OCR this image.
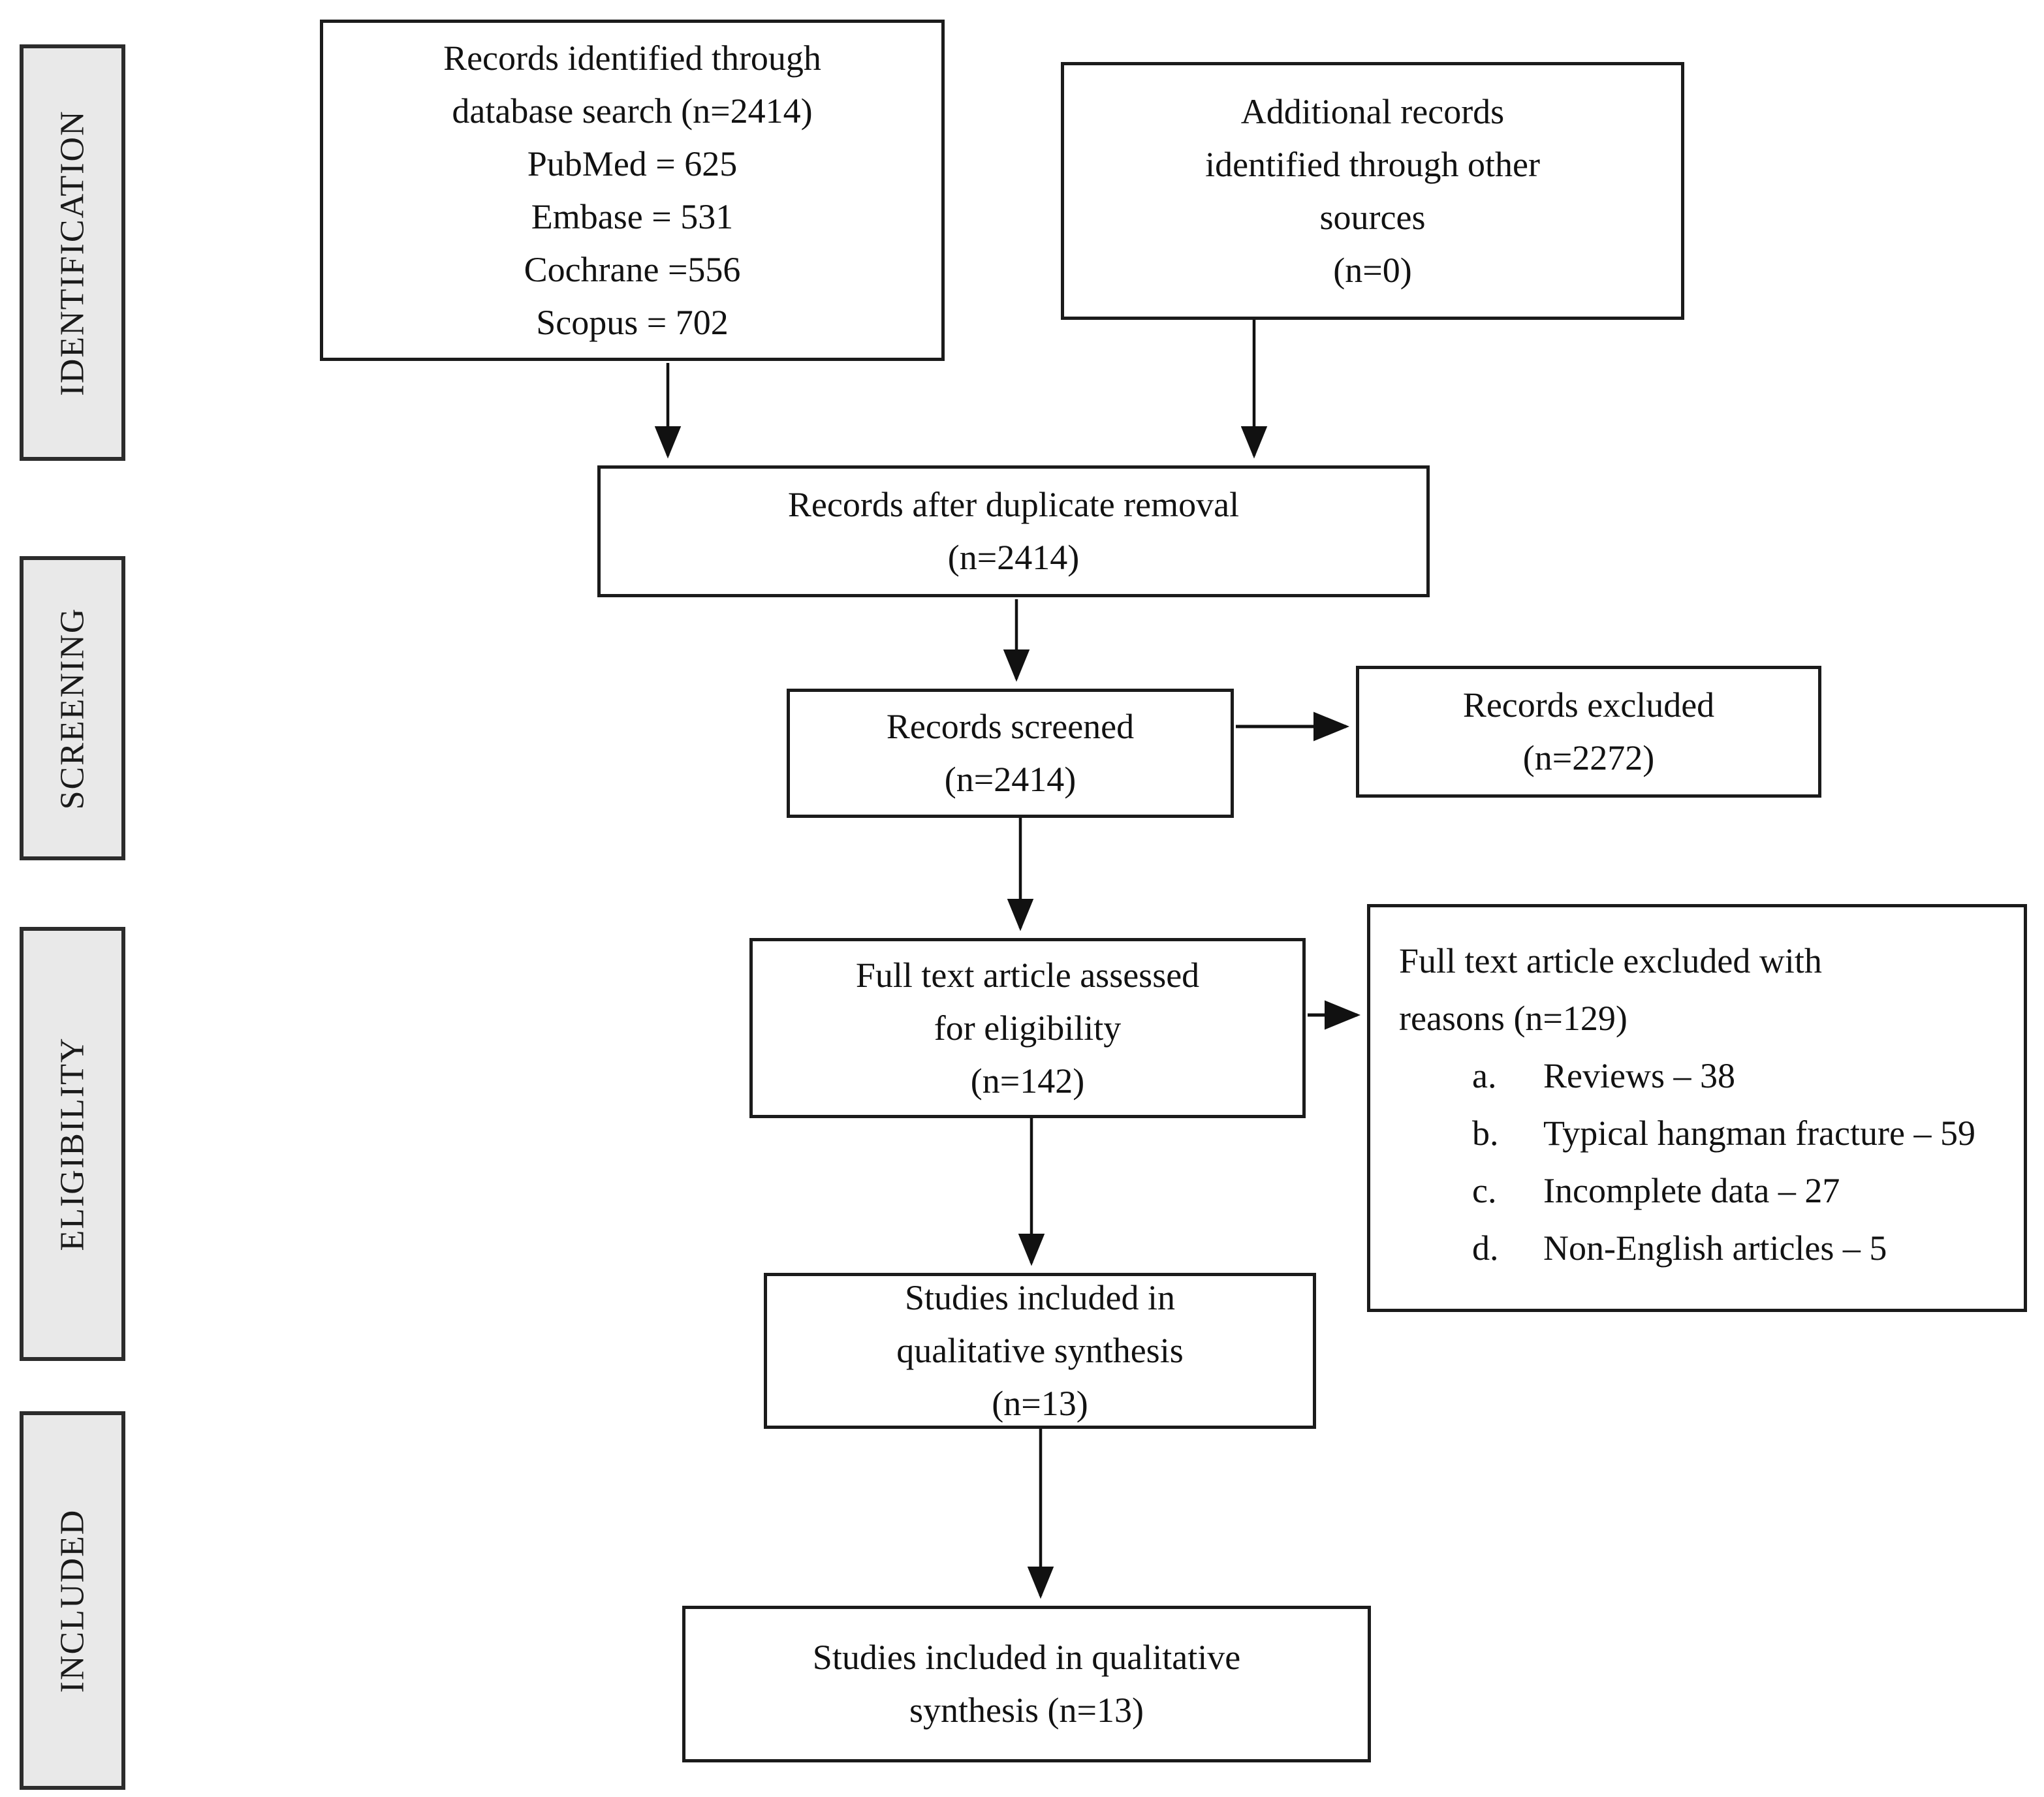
IDENTIFICATION
SCREENING
ELIGIBILITY
INCLUDED
Records identified through
database search (n=2414)
PubMed = 625
Embase = 531
Cochrane =556
Scopus = 702
Additional records
identified through other
sources
(n=0)
Records after duplicate removal
(n=2414)
Records screened
(n=2414)
Records excluded
(n=2272)
Full text article assessed
for eligibility
(n=142)
Full text article excluded with
reasons (n=129)
a.	Reviews – 38
b.	Typical hangman fracture – 59
c.	Incomplete data – 27
d.	Non-English articles – 5
Studies included in
qualitative synthesis
(n=13)
Studies included in qualitative
synthesis (n=13)
